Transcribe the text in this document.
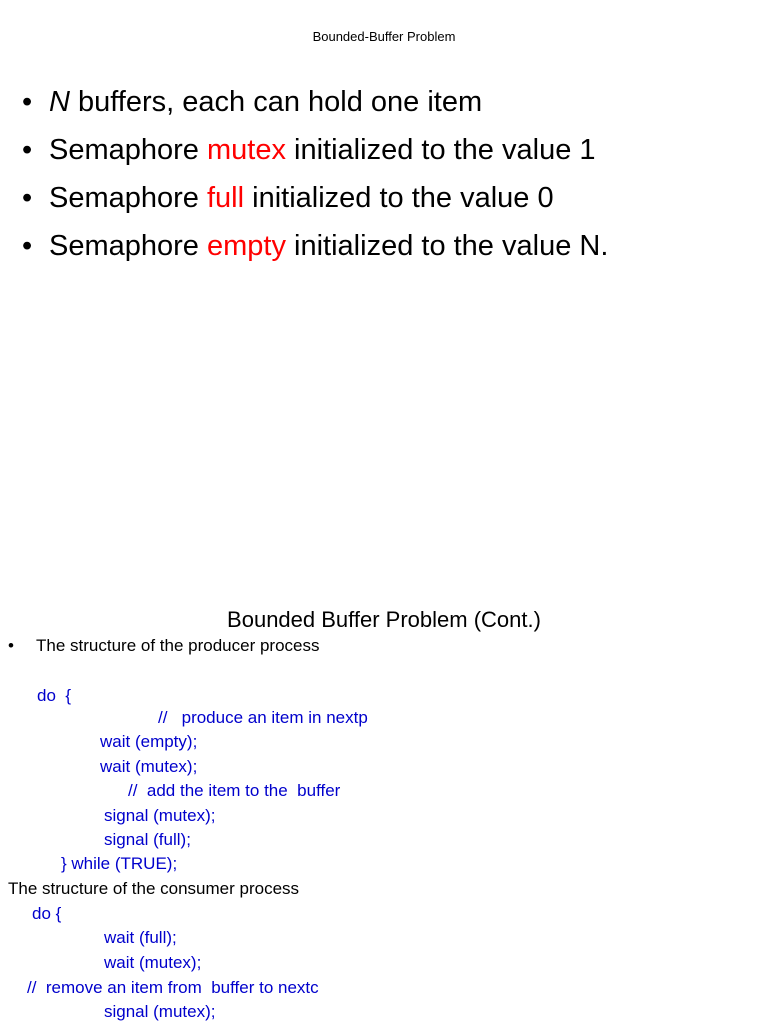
Bounded-Buffer Problem
• N buffers, each can hold one item
• Semaphore mutex initialized to the value 1
• Semaphore full initialized to the value 0
• Semaphore empty initialized to the value N.
Bounded Buffer Problem (Cont.)
• The structure of the producer process
do  {
//   produce an item in nextp
wait (empty);
wait (mutex);
//  add the item to the  buffer
signal (mutex);
signal (full);
} while (TRUE);
The structure of the consumer process
do {
wait (full);
wait (mutex);
//  remove an item from  buffer to nextc
signal (mutex);
